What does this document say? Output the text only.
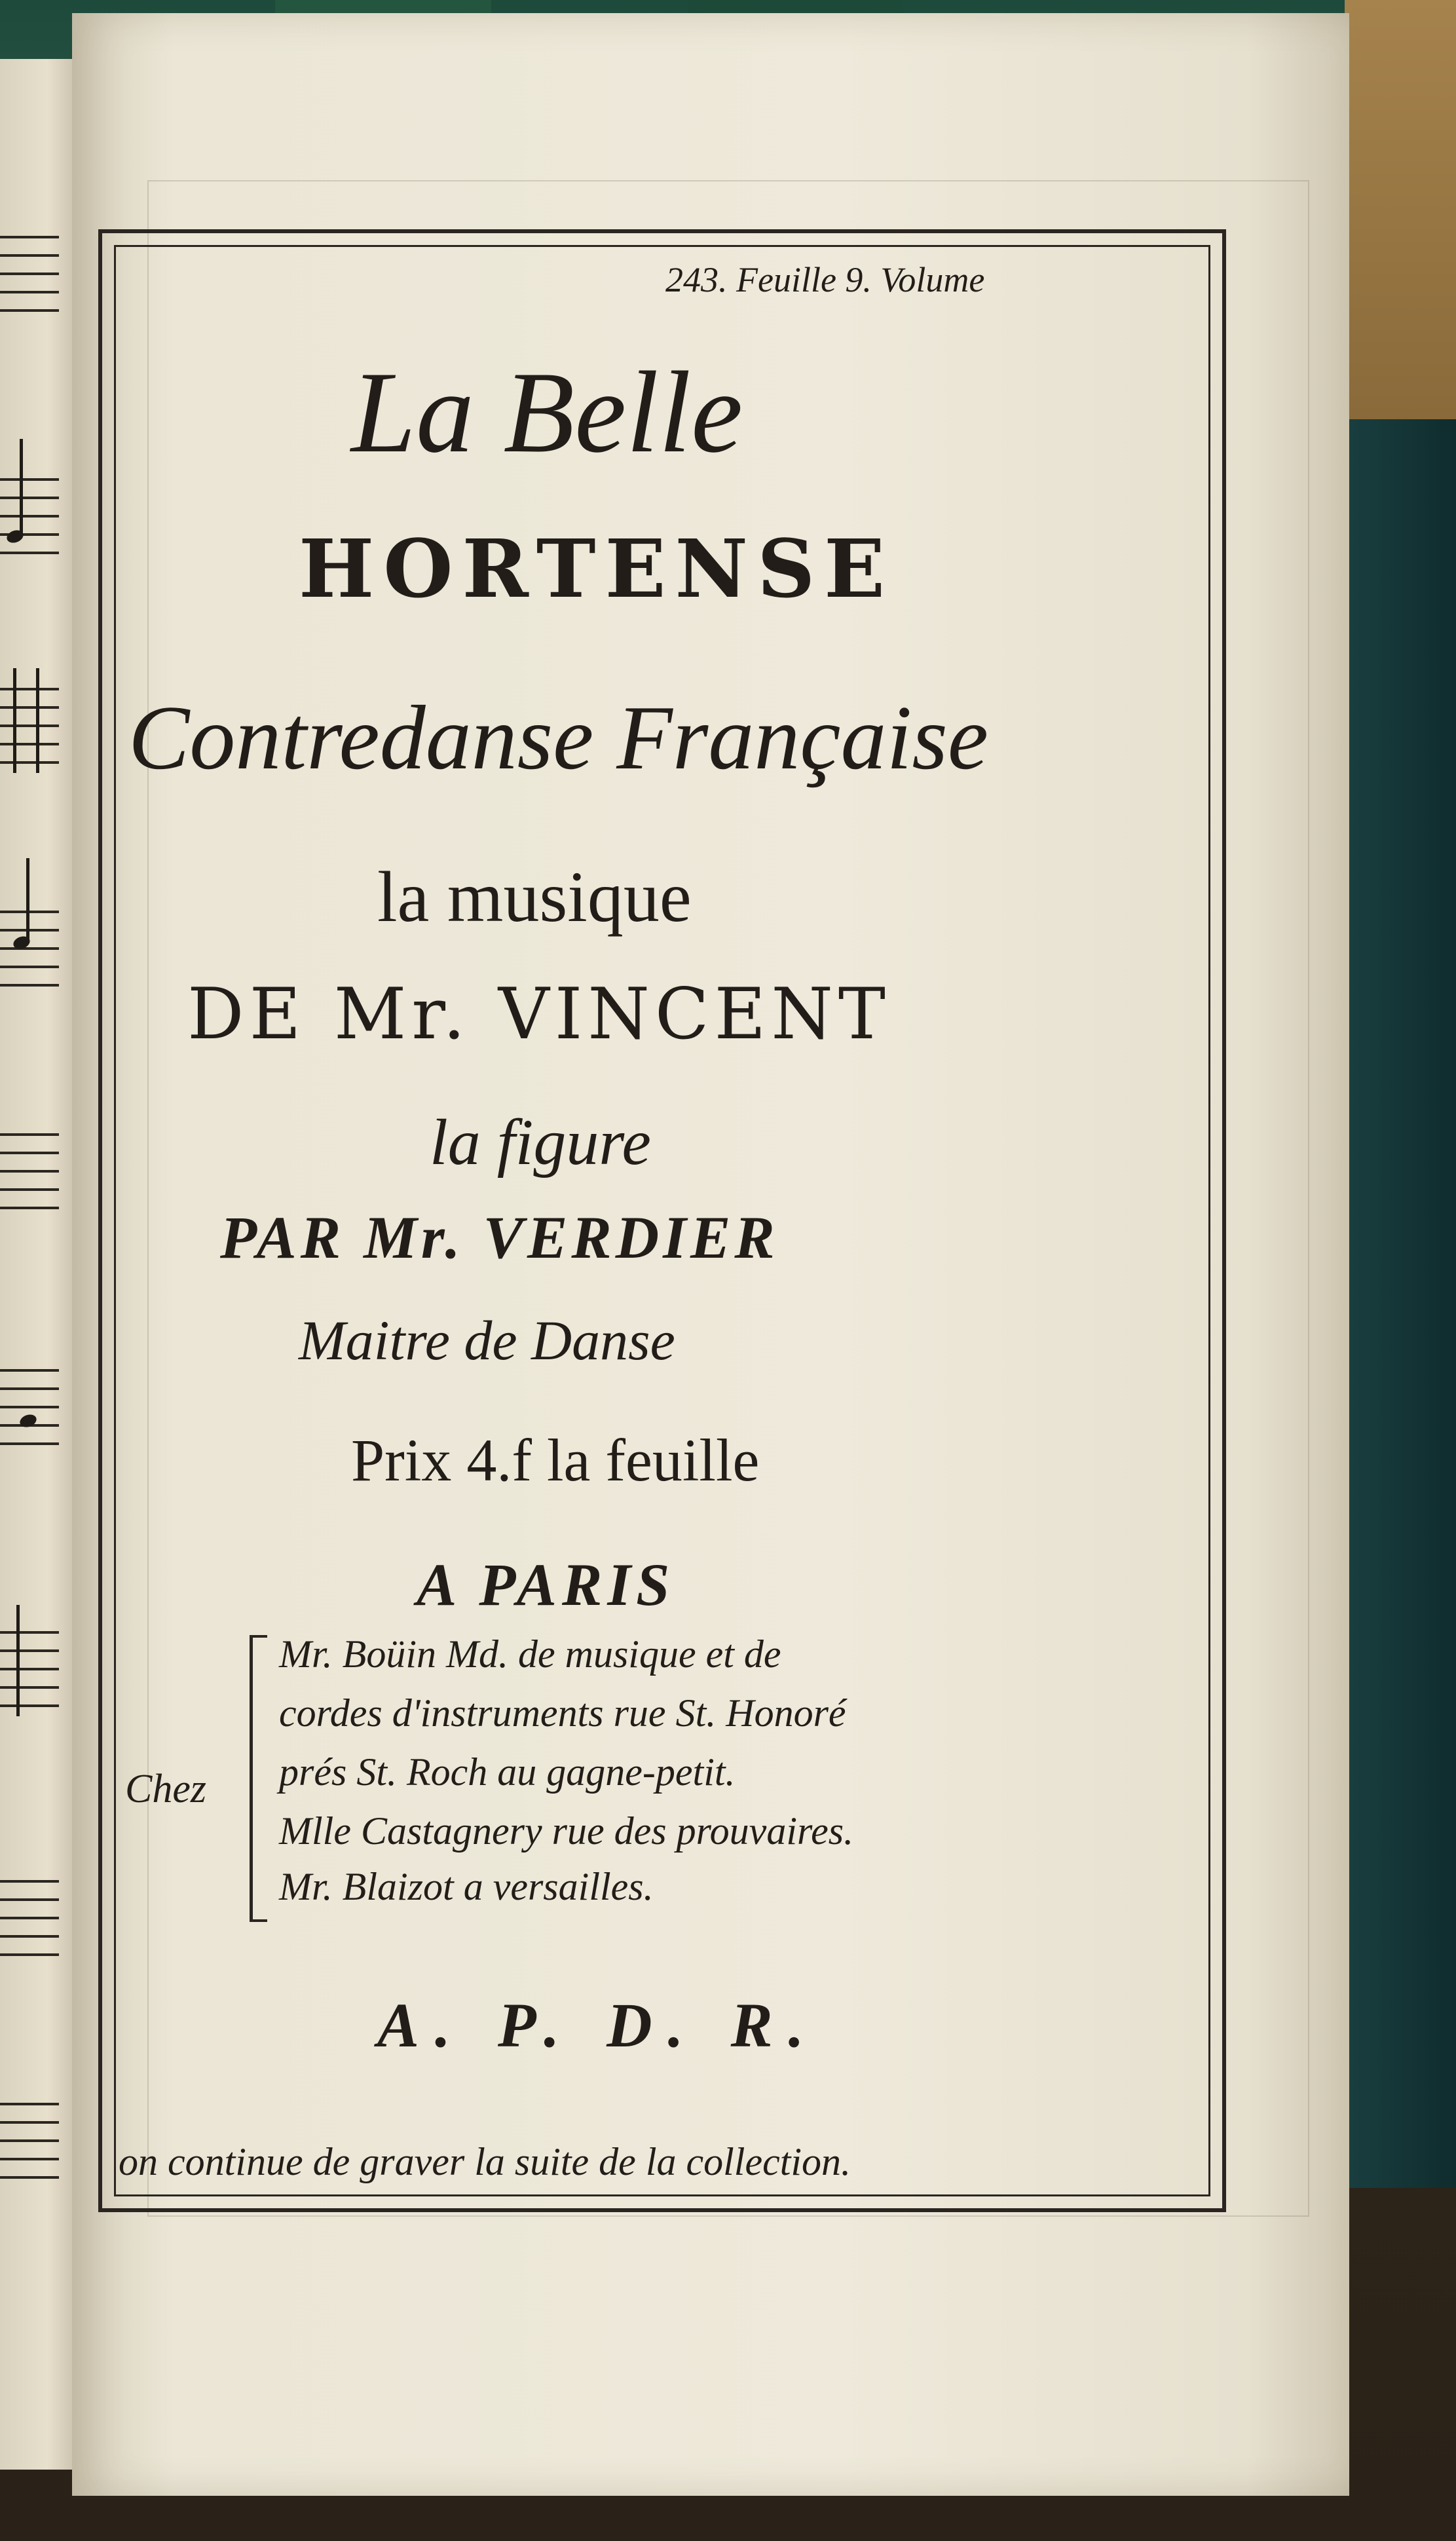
243. Feuille 9. Volume
La Belle
HORTENSE
Contredanse Française
la musique
DE Mr. VINCENT
la figure
PAR Mr. VERDIER
Maitre de Danse
Prix 4.f la feuille
A PARIS
Chez
Mr. Boüin Md. de musique et de
cordes d'instruments rue St. Honoré
prés St. Roch au gagne-petit.
Mlle Castagnery rue des prouvaires.
Mr. Blaizot a versailles.
A. P. D. R.
on continue de graver la suite de la collection.
